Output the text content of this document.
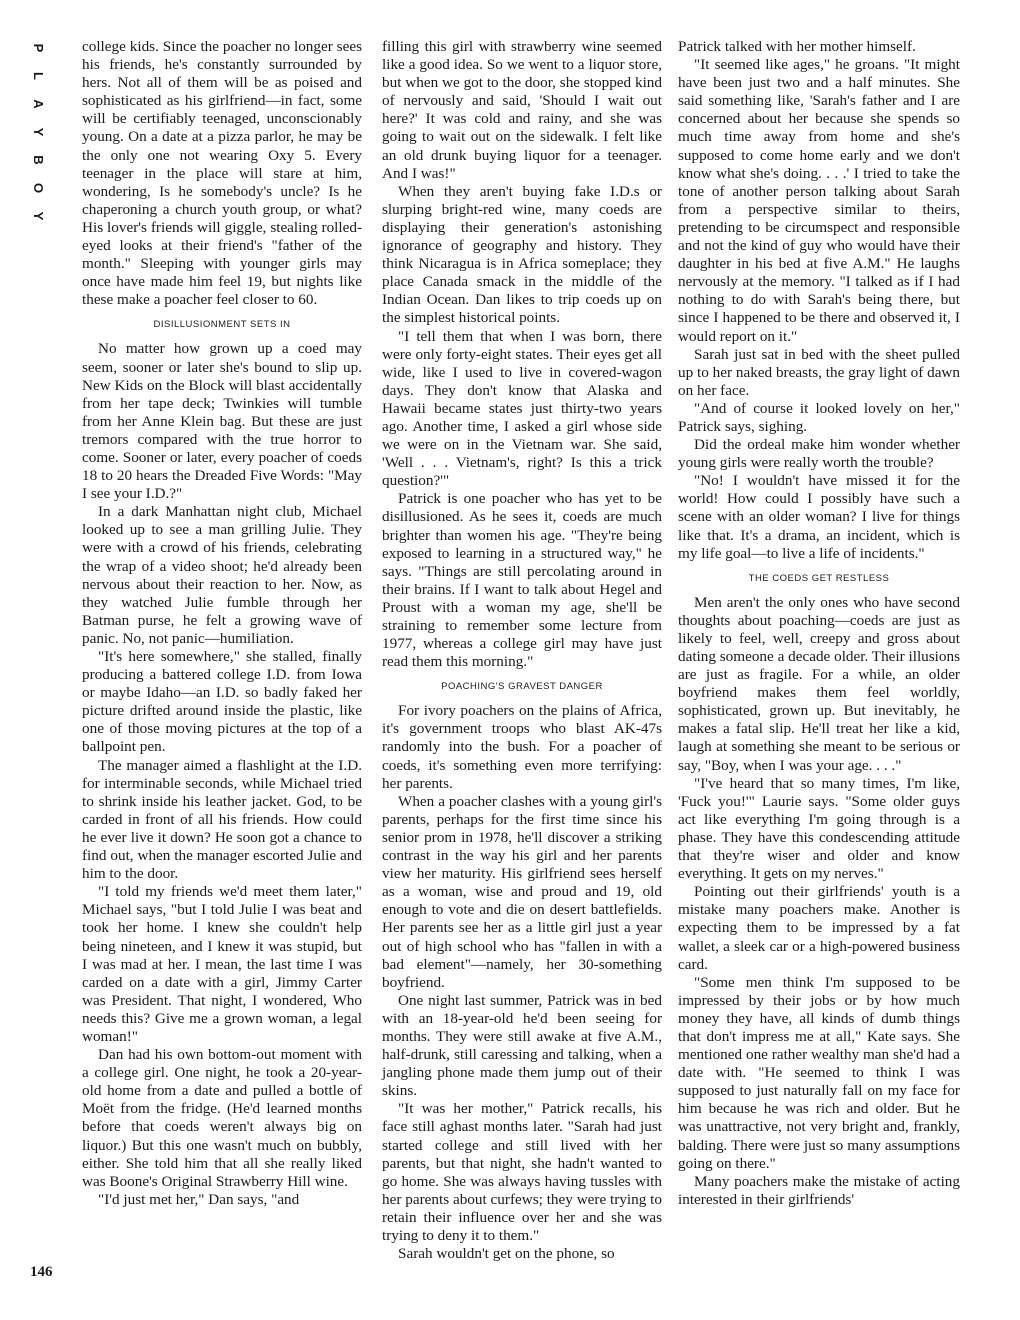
P
L
A
Y
B
O
Y
146

college kids. Since the poacher no longer sees his friends, he's constantly surrounded by hers. Not all of them will be as poised and sophisticated as his girlfriend—in fact, some will be certifiably teenaged, unconscionably young. On a date at a pizza parlor, he may be the only one not wearing Oxy 5. Every teenager in the place will stare at him, wondering, Is he somebody's uncle? Is he chaperoning a church youth group, or what? His lover's friends will giggle, stealing rolled-eyed looks at their friend's "father of the month." Sleeping with younger girls may once have made him feel 19, but nights like these make a poacher feel closer to 60.

DISILLUSIONMENT SETS IN

No matter how grown up a coed may seem, sooner or later she's bound to slip up. New Kids on the Block will blast accidentally from her tape deck; Twinkies will tumble from her Anne Klein bag. But these are just tremors compared with the true horror to come. Sooner or later, every poacher of coeds 18 to 20 hears the Dreaded Five Words: "May I see your I.D.?"

In a dark Manhattan night club, Michael looked up to see a man grilling Julie. They were with a crowd of his friends, celebrating the wrap of a video shoot; he'd already been nervous about their reaction to her. Now, as they watched Julie fumble through her Batman purse, he felt a growing wave of panic. No, not panic—humiliation.

"It's here somewhere," she stalled, finally producing a battered college I.D. from Iowa or maybe Idaho—an I.D. so badly faked her picture drifted around inside the plastic, like one of those moving pictures at the top of a ballpoint pen.

The manager aimed a flashlight at the I.D. for interminable seconds, while Michael tried to shrink inside his leather jacket. God, to be carded in front of all his friends. How could he ever live it down? He soon got a chance to find out, when the manager escorted Julie and him to the door.

"I told my friends we'd meet them later," Michael says, "but I told Julie I was beat and took her home. I knew she couldn't help being nineteen, and I knew it was stupid, but I was mad at her. I mean, the last time I was carded on a date with a girl, Jimmy Carter was President. That night, I wondered, Who needs this? Give me a grown woman, a legal woman!"

Dan had his own bottom-out moment with a college girl. One night, he took a 20-year-old home from a date and pulled a bottle of Moët from the fridge. (He'd learned months before that coeds weren't always big on liquor.) But this one wasn't much on bubbly, either. She told him that all she really liked was Boone's Original Strawberry Hill wine.

"I'd just met her," Dan says, "and

filling this girl with strawberry wine seemed like a good idea. So we went to a liquor store, but when we got to the door, she stopped kind of nervously and said, 'Should I wait out here?' It was cold and rainy, and she was going to wait out on the sidewalk. I felt like an old drunk buying liquor for a teenager. And I was!"

When they aren't buying fake I.D.s or slurping bright-red wine, many coeds are displaying their generation's astonishing ignorance of geography and history. They think Nicaragua is in Africa someplace; they place Canada smack in the middle of the Indian Ocean. Dan likes to trip coeds up on the simplest historical points.

"I tell them that when I was born, there were only forty-eight states. Their eyes get all wide, like I used to live in covered-wagon days. They don't know that Alaska and Hawaii became states just thirty-two years ago. Another time, I asked a girl whose side we were on in the Vietnam war. She said, 'Well . . . Vietnam's, right? Is this a trick question?'"

Patrick is one poacher who has yet to be disillusioned. As he sees it, coeds are much brighter than women his age. "They're being exposed to learning in a structured way," he says. "Things are still percolating around in their brains. If I want to talk about Hegel and Proust with a woman my age, she'll be straining to remember some lecture from 1977, whereas a college girl may have just read them this morning."

POACHING'S GRAVEST DANGER

For ivory poachers on the plains of Africa, it's government troops who blast AK-47s randomly into the bush. For a poacher of coeds, it's something even more terrifying: her parents.

When a poacher clashes with a young girl's parents, perhaps for the first time since his senior prom in 1978, he'll discover a striking contrast in the way his girl and her parents view her maturity. His girlfriend sees herself as a woman, wise and proud and 19, old enough to vote and die on desert battlefields. Her parents see her as a little girl just a year out of high school who has "fallen in with a bad element"—namely, her 30-something boyfriend.

One night last summer, Patrick was in bed with an 18-year-old he'd been seeing for months. They were still awake at five A.M., half-drunk, still caressing and talking, when a jangling phone made them jump out of their skins.

"It was her mother," Patrick recalls, his face still aghast months later. "Sarah had just started college and still lived with her parents, but that night, she hadn't wanted to go home. She was always having tussles with her parents about curfews; they were trying to retain their influence over her and she was trying to deny it to them."

Sarah wouldn't get on the phone, so

Patrick talked with her mother himself.

"It seemed like ages," he groans. "It might have been just two and a half minutes. She said something like, 'Sarah's father and I are concerned about her because she spends so much time away from home and she's supposed to come home early and we don't know what she's doing. . . .' I tried to take the tone of another person talking about Sarah from a perspective similar to theirs, pretending to be circumspect and responsible and not the kind of guy who would have their daughter in his bed at five A.M." He laughs nervously at the memory. "I talked as if I had nothing to do with Sarah's being there, but since I happened to be there and observed it, I would report on it."

Sarah just sat in bed with the sheet pulled up to her naked breasts, the gray light of dawn on her face.

"And of course it looked lovely on her," Patrick says, sighing.

Did the ordeal make him wonder whether young girls were really worth the trouble?

"No! I wouldn't have missed it for the world! How could I possibly have such a scene with an older woman? I live for things like that. It's a drama, an incident, which is my life goal—to live a life of incidents."

THE COEDS GET RESTLESS

Men aren't the only ones who have second thoughts about poaching—coeds are just as likely to feel, well, creepy and gross about dating someone a decade older. Their illusions are just as fragile. For a while, an older boyfriend makes them feel worldly, sophisticated, grown up. But inevitably, he makes a fatal slip. He'll treat her like a kid, laugh at something she meant to be serious or say, "Boy, when I was your age. . . ."

"I've heard that so many times, I'm like, 'Fuck you!'" Laurie says. "Some older guys act like everything I'm going through is a phase. They have this condescending attitude that they're wiser and older and know everything. It gets on my nerves."

Pointing out their girlfriends' youth is a mistake many poachers make. Another is expecting them to be impressed by a fat wallet, a sleek car or a high-powered business card.

"Some men think I'm supposed to be impressed by their jobs or by how much money they have, all kinds of dumb things that don't impress me at all," Kate says. She mentioned one rather wealthy man she'd had a date with. "He seemed to think I was supposed to just naturally fall on my face for him because he was rich and older. But he was unattractive, not very bright and, frankly, balding. There were just so many assumptions going on there."

Many poachers make the mistake of acting interested in their girlfriends'
